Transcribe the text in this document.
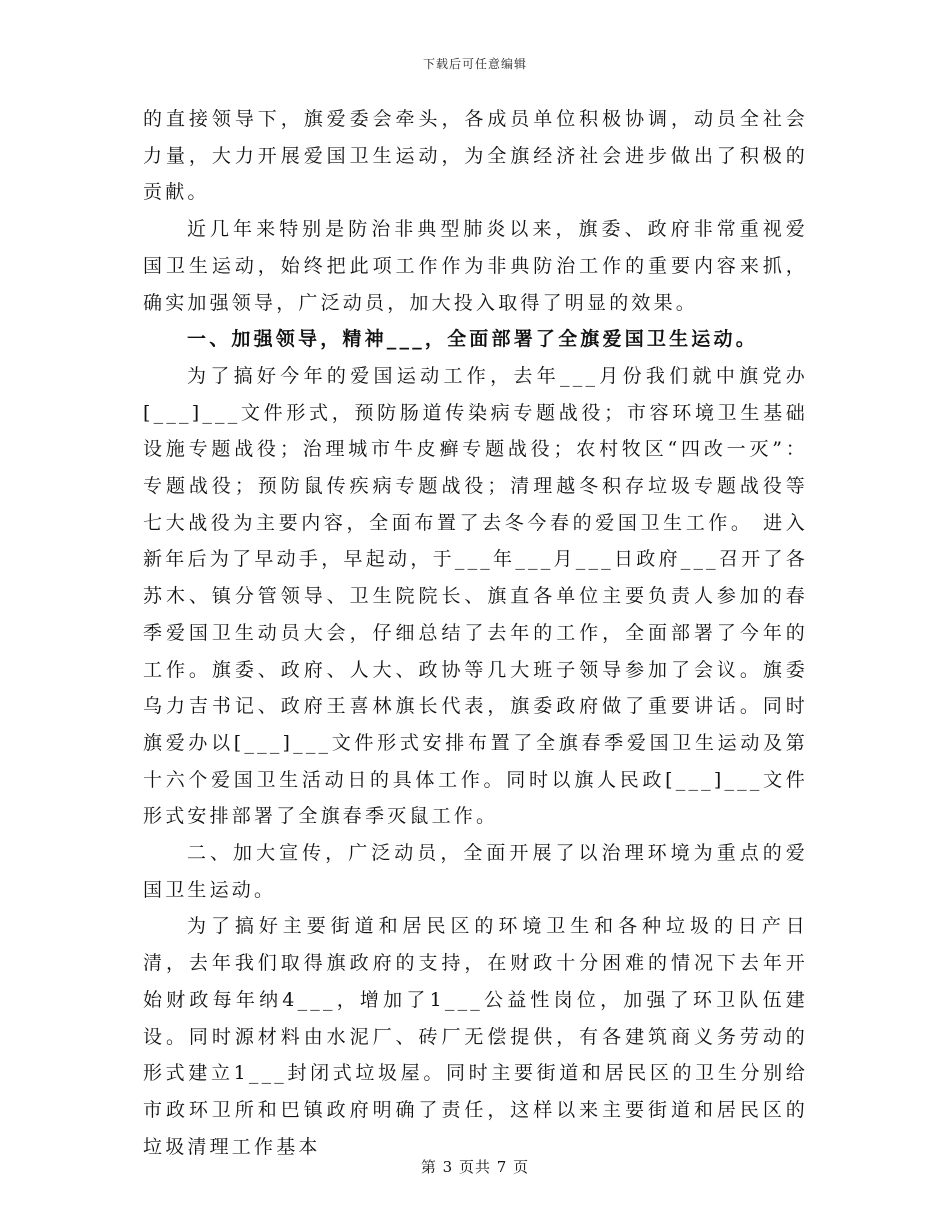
下载后可任意编辑

的直接领导下，旗爱委会牵头，各成员单位积极协调，动员全社会力量，大力开展爱国卫生运动，为全旗经济社会进步做出了积极的贡献。

近几年来特别是防治非典型肺炎以来，旗委、政府非常重视爱国卫生运动，始终把此项工作作为非典防治工作的重要内容来抓，确实加强领导，广泛动员，加大投入取得了明显的效果。

一、加强领导，精神___，全面部署了全旗爱国卫生运动。

为了搞好今年的爱国运动工作，去年___月份我们就中旗党办[___]___文件形式，预防肠道传染病专题战役；市容环境卫生基础设施专题战役；治理城市牛皮癣专题战役；农村牧区“四改一灭”：专题战役；预防鼠传疾病专题战役；清理越冬积存垃圾专题战役等七大战役为主要内容，全面布置了去冬今春的爱国卫生工作。 进入新年后为了早动手，早起动，于___年___月___日政府___召开了各苏木、镇分管领导、卫生院院长、旗直各单位主要负责人参加的春季爱国卫生动员大会，仔细总结了去年的工作，全面部署了今年的工作。旗委、政府、人大、政协等几大班子领导参加了会议。旗委乌力吉书记、政府王喜林旗长代表，旗委政府做了重要讲话。同时旗爱办以[___]___文件形式安排布置了全旗春季爱国卫生运动及第十六个爱国卫生活动日的具体工作。同时以旗人民政[___]___文件形式安排部署了全旗春季灭鼠工作。

二、加大宣传，广泛动员，全面开展了以治理环境为重点的爱国卫生运动。

为了搞好主要街道和居民区的环境卫生和各种垃圾的日产日清，去年我们取得旗政府的支持，在财政十分困难的情况下去年开始财政每年纳4___，增加了1___公益性岗位，加强了环卫队伍建设。同时源材料由水泥厂、砖厂无偿提供，有各建筑商义务劳动的形式建立1___封闭式垃圾屋。同时主要街道和居民区的卫生分别给市政环卫所和巴镇政府明确了责任，这样以来主要街道和居民区的垃圾清理工作基本

第 3 页共 7 页
